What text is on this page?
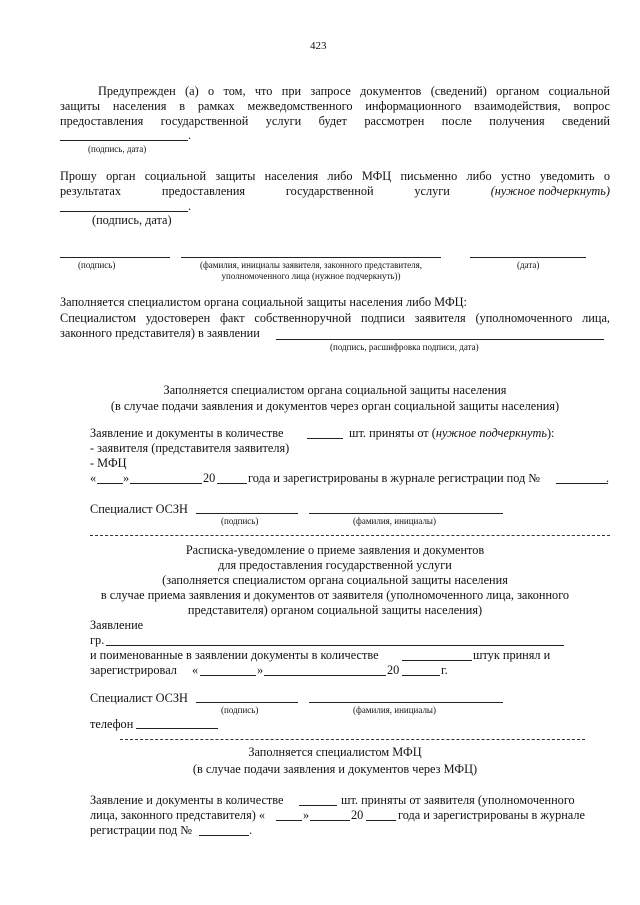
423
Предупрежден (а) о том, что при запросе документов (сведений) органом социальной
защиты населения в рамках межведомственного информационного взаимодействия, вопрос
предоставления государственной услуги будет рассмотрен после получения сведений
.
(подпись, дата)
Прошу орган социальной защиты населения либо МФЦ письменно либо устно уведомить о
результатах	предоставления	государственной	услуги	(нужное подчеркнуть)
.
(подпись, дата)
(подпись)	(фамилия, инициалы заявителя, законного представителя,
уполномоченного лица (нужное подчеркнуть))
(дата)
Заполняется специалистом органа социальной защиты населения либо МФЦ:
Специалистом удостоверен факт собственноручной подписи заявителя (уполномоченного лица,
законного представителя) в заявлении
(подпись, расшифровка подписи, дата)
Заполняется специалистом органа социальной защиты населения
(в случае подачи заявления и документов через орган социальной защиты населения)
Заявление и документы в количестве	шт. приняты от (нужное подчеркнуть):
- заявителя (представителя заявителя)
- МФЦ
« »	20	года и зарегистрированы в журнале регистрации под №	.
Специалист ОСЗН
(подпись)	(фамилия, инициалы)
Расписка-уведомление о приеме заявления и документов
для предоставления государственной услуги
(заполняется специалистом органа социальной защиты населения
в случае приема заявления и документов от заявителя (уполномоченного лица, законного
представителя) органом социальной защиты населения)
Заявление
гр.
и поименованные в заявлении документы в количестве	штук принял и
зарегистрировал «	»	20	г.
Специалист ОСЗН
(подпись)	(фамилия, инициалы)
телефон
Заполняется специалистом МФЦ
(в случае подачи заявления и документов через МФЦ)
Заявление и документы в количестве	шт. приняты от заявителя (уполномоченного
лица, законного представителя) «	»	20	года и зарегистрированы в журнале
регистрации под №	.
